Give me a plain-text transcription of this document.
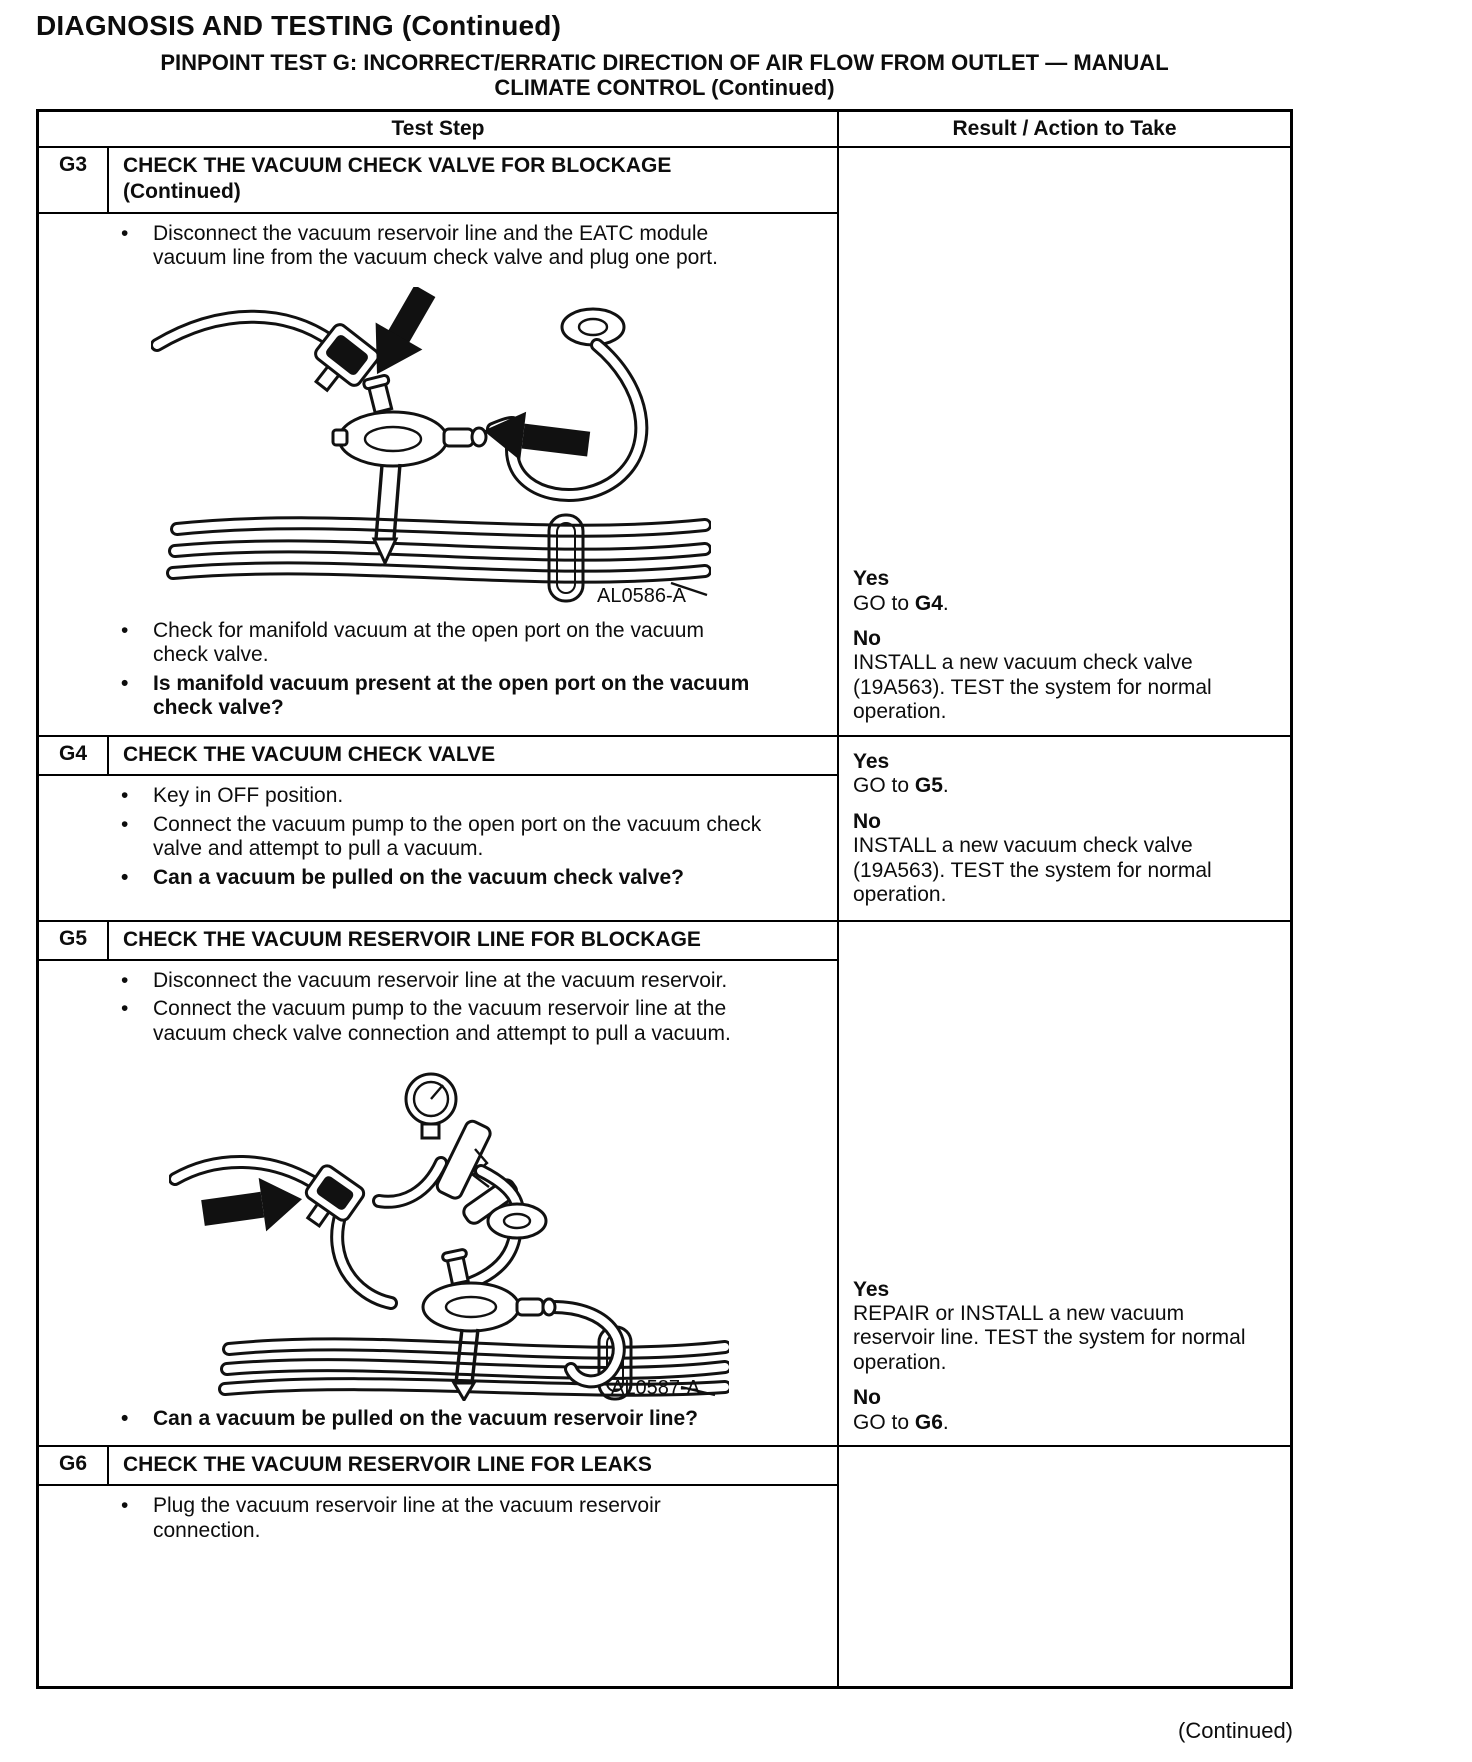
DIAGNOSIS AND TESTING (Continued)
PINPOINT TEST G: INCORRECT/ERRATIC DIRECTION OF AIR FLOW FROM OUTLET — MANUAL
CLIMATE CONTROL (Continued)
Test Step	Result / Action to Take
G3	CHECK THE VACUUM CHECK VALVE FOR BLOCKAGE
(Continued)
• Disconnect the vacuum reservoir line and the EATC module vacuum line from the vacuum check valve and plug one port.
AL0586-A
• Check for manifold vacuum at the open port on the vacuum check valve.
• Is manifold vacuum present at the open port on the vacuum check valve?
Yes
GO to G4.
No
INSTALL a new vacuum check valve (19A563). TEST the system for normal operation.
G4	CHECK THE VACUUM CHECK VALVE
• Key in OFF position.
• Connect the vacuum pump to the open port on the vacuum check valve and attempt to pull a vacuum.
• Can a vacuum be pulled on the vacuum check valve?
Yes
GO to G5.
No
INSTALL a new vacuum check valve (19A563). TEST the system for normal operation.
G5	CHECK THE VACUUM RESERVOIR LINE FOR BLOCKAGE
• Disconnect the vacuum reservoir line at the vacuum reservoir.
• Connect the vacuum pump to the vacuum reservoir line at the vacuum check valve connection and attempt to pull a vacuum.
AL0587-A
• Can a vacuum be pulled on the vacuum reservoir line?
Yes
REPAIR or INSTALL a new vacuum reservoir line. TEST the system for normal operation.
No
GO to G6.
G6	CHECK THE VACUUM RESERVOIR LINE FOR LEAKS
• Plug the vacuum reservoir line at the vacuum reservoir connection.
(Continued)
